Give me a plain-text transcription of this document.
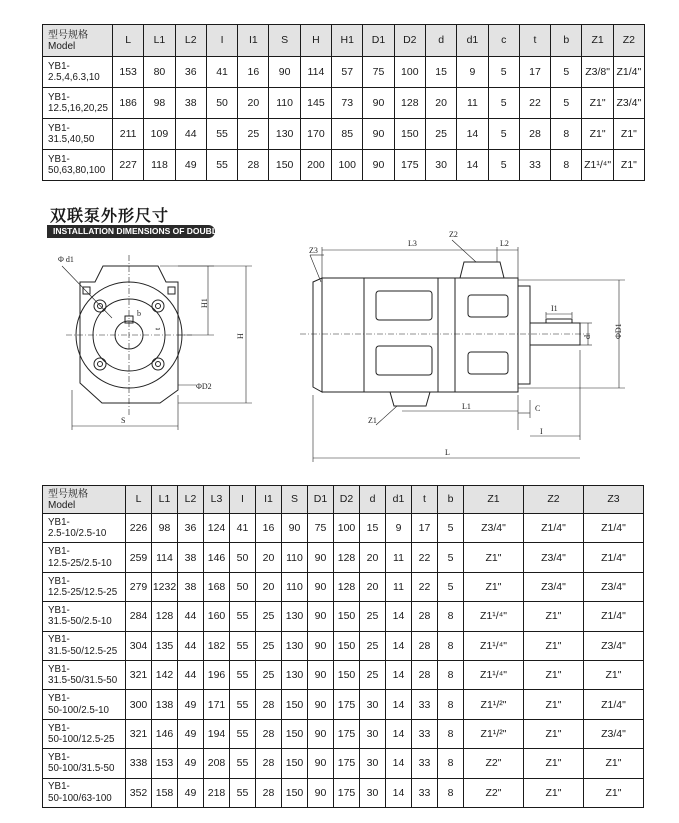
型号规格
Model	L	L1	L2	I	I1	S	H	H1	D1	D2	d	d1	c	t	b	Z1	Z2
YB1-
2.5,4,6.3,10	153	80	36	41	16	90	114	57	75	100	15	9	5	17	5	Z3/8"	Z1/4"
YB1-
12.5,16,20,25	186	98	38	50	20	110	145	73	90	128	20	11	5	22	5	Z1"	Z3/4"
YB1-
31.5,40,50	211	109	44	55	25	130	170	85	90	150	25	14	5	28	8	Z1"	Z1"
YB1-
50,63,80,100	227	118	49	55	28	150	200	100	90	175	30	14	5	33	8	Z1¹/⁴"	Z1"
双联泵外形尺寸
INSTALLATION DIMENSIONS OF DOUBLE PUMP
Φ d1
H1
H
S
b
t
ΦD2
Z3
L3
Z2
L2
I1
d	ΦD1
Z1
L1	C
I
L
型号规格
Model	L	L1	L2	L3	I	I1	S	D1	D2	d	d1	t	b	Z1	Z2	Z3
YB1-
2.5-10/2.5-10	226	98	36	124	41	16	90	75	100	15	9	17	5	Z3/4"	Z1/4"	Z1/4"
YB1-
12.5-25/2.5-10	259	114	38	146	50	20	110	90	128	20	11	22	5	Z1"	Z3/4"	Z1/4"
YB1-
12.5-25/12.5-25	279	1232	38	168	50	20	110	90	128	20	11	22	5	Z1"	Z3/4"	Z3/4"
YB1-
31.5-50/2.5-10	284	128	44	160	55	25	130	90	150	25	14	28	8	Z1¹/⁴"	Z1"	Z1/4"
YB1-
31.5-50/12.5-25	304	135	44	182	55	25	130	90	150	25	14	28	8	Z1¹/⁴"	Z1"	Z3/4"
YB1-
31.5-50/31.5-50	321	142	44	196	55	25	130	90	150	25	14	28	8	Z1¹/⁴"	Z1"	Z1"
YB1-
50-100/2.5-10	300	138	49	171	55	28	150	90	175	30	14	33	8	Z1¹/²"	Z1"	Z1/4"
YB1-
50-100/12.5-25	321	146	49	194	55	28	150	90	175	30	14	33	8	Z1¹/²"	Z1"	Z3/4"
YB1-
50-100/31.5-50	338	153	49	208	55	28	150	90	175	30	14	33	8	Z2"	Z1"	Z1"
YB1-
50-100/63-100	352	158	49	218	55	28	150	90	175	30	14	33	8	Z2"	Z1"	Z1"
